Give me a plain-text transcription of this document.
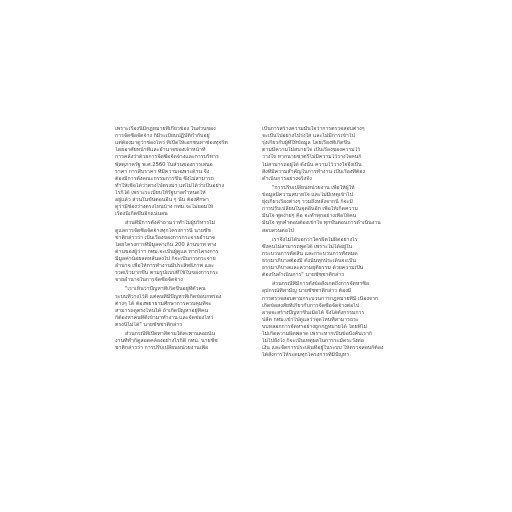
เพราะเรื่องนี้มีกฎหมายที่เกี่ยวข้อง ในส่วนของ
การจัดซื้อจัดจ้าง ก็มีระเบียบปฏิบัติกำกับอยู่
แต่ต้องมาดูว่าช่องโหว่ ที่เปิดให้เอกชนหาช่องทุจริต
โดยอาศัยหน้าที่และอำนาจของเจ้าหน้าที่
การคลังว่าด้วยการจัดซื้อจัดจ้างและการบริหาร
พัสดุภาครัฐ พ.ศ.2560 ในส่วนของการเสนอ
ราคา การสืบราคา ที่มีความเฉพาะด้าน จึง
ต้องมีการตั้งคณะกรรมการขึ้น ซึ่งไม่สามารถ
ทำให้เชื่อได้ว่าตรงไปตรงมา แต่ไม่ได้ว่าเป็นอย่าง
ไรก็ได้ เพราะระเบียบให้รัฐบาลกำหนดให้
อยู่แล้ว ส่วนในขั้นตอนอื่น ๆ นั้น ต้องศึกษา
ดูว่ามีช่องว่างตรงไหนบ้าง กทม.จะไม่ยอมให้
เรื่องนี้เกิดขึ้นอีกแน่นอน
ส่วนที่มีการตั้งคำถามว่าทำไมผู้บริหารไม่
ดูแลการจัดซื้อจัดจ้างทุกโครงการนี้ นายชัช
ชาติกล่าวว่า เป็นเรื่องของการกระจายอำนาจ
โดยโครงการที่มีมูลค่าเกิน 200 ล้านบาท ทาง
ด้านของผู้ว่าฯ กทม.จะเป็นผู้ดูแล หากโครงการ
มีมูลค่าน้อยลดหลั่นลงไป ก็จะเป็นการกระจาย
อำนาจ เพื่อให้การทำงานมีประสิทธิภาพ และ
รวดเร็วมากขึ้น ตามรูปแบบที่ใช้ในของการกระ
จายอำนาจในการจัดซื้อจัดจ้าง
"เราเห็นว่าปัญหาที่เกิดขึ้นอยู่ที่ตัวคน
ระบบที่วางไว้ดี แต่คนที่มีปัญหาที่เกิดข้อบกพร่อง
ต่างๆ ได้ ต้องพยายามศึกษาการควบคุมที่จะ
สามารถดูตรงไหนได้ ถ้าเกิดปัญหาอยู่ที่คน
ก็ต้องหาคนที่ดีเข้ามาทำงาน และจัดช่องโหว่
ตรงนี้ไม่ได้" นายชัชชาติกล่าว
ส่วนกรณีที่เปิดทาสีตามใต้สะพานลอยนั้น
งานที่ทำก็ดูสอดคล้องอย่างไรก็ดี กทม. นายชัช
ชาติกล่าวว่า การปรับเปลี่ยนหน่วยงานเพื่อ
เป็นการสร้างความมั่นใจว่าการตรวจสอบต่างๆ
จะเป็นไปอย่างโปร่งใส และไม่มีการเข้าไป
รุ่งเกี่ยวกับผู้ที่ให้ข้อมูล โดยเรื่องที่เกิดขึ้น
ตามมีความไม่สบายใจ เป็นเรื่องของความไว้
วางใจ หากนายชาตรีไม่มีความไว้วางใจคนก็
ไม่สามารถอยู่ได้ ดังนั้น ความไว้วางใจจึงเป็น
สิ่งที่มีความสำคัญในการทำงาน เป็นเรื่องที่ต้อง
ดำเนินการอย่างจริงจัง
"การปรับเปลี่ยนหน่วยงาน เพื่อให้ผู้ให้
ข้อมูลมีความสบายใจ และไม่มีเหตุเข้าไป
ยุ่งเกี่ยวเรื่องต่างๆ รวมถึงหลังจากนี้ ก็จะมี
การปรับเปลี่ยนในจุดอื่นอีก เพื่อให้เกิดความ
มั่นใจ พูดง่ายๆ คือ จะทำทุกอย่างเพื่อให้คน
มั่นใจ ทุกคำตอบต้องเข้าใจ ทุกขั้นตอนการดำเนินงาน
สอบสวนต่อไป
เราจึงไม่ได้บอกว่าใครผิดไม่ผิดอย่างไร
ซึ่งคนไม่สามารถพูดได้ เพราะไม่ได้อยู่ใน
กระบวนการตัดสิน และกระบวนการทั้งหมด
ธรรมาภิบาลต้องมี ดังนั้นทุกประเด็นจะเป็น
ธรรมาภิบาลและความยุติธรรม ด้วยความเป็น
ต้องรับดำเนินการ" นายชัชชาติกล่าว
ส่วนกรณีที่มีการตั้งข้อสังเกตถึงการจัดหาซื้อ
อุปกรณ์ที่สามัญ นายชัชชาติกล่าว ต้องมี
การตรวจสอบตามกระบวนการกฎหมายที่มี เนื่องจาก
เกิดข้อสงสัยที่เกี่ยวกับการจัดซื้อจัดจ้างต่อไป
อาจจะสร้างปัญหาขึ้นเมื่อได้ จึงได้ตั้งกรรมการ
ปลัด กทม.เข้าไปดูแลว่าจุดไหนที่สามารถระ
บบหลอกการจัดหาอย่างถูกกฎหมายได้ โดยที่ไม่
ไม่เกิดความผิดพลาด เพราะหากเป็นข้อบังคับเราก็
ไม่ไปยังไง ก็จะเป็นเหตุผลในการระมัดระวังต่อ
เงิน และจัดการประเด็นที่อยู่ในระบบ ให้ตรวจสอบก็ต้อง
ได้สั่งการให้ระดมทุกโครงการที่มีปัญหา
